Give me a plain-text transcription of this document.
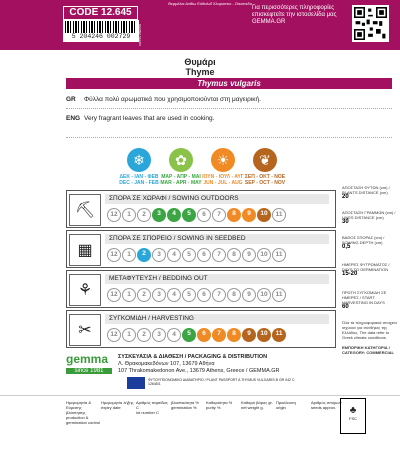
Θερμέλια Ανθίω Εύθαλοΐ Χλοροστιο - Οικοπεδο
CODE 12.645
5 204246 002729	GEMMA SEEDS
Για περισσότερες πληροφορίες επισκεφτείτε την ιστοσελίδα μας GEMMA.GR
Θυμάρι
Thyme
Thymus vulgaris
GR Φύλλα πολύ αρωματικά που χρησιμοποιούνται στη μαγειρική.
ENG Very fragrant leaves that are used in cooking.
❄
ΔΕΚ - ΙΑΝ - ΦΕΒ
DEC - JAN - FEB
✿
ΜΑΡ - ΑΠΡ - ΜΑΙ
MAR - APR - MAY
☀
ΙΟΥΝ - ΙΟΥΛ - ΑΥΓ
JUN - JUL - AUG
❦
ΣΕΠ - ΟΚΤ - ΝΟΕ
SEP - OCT - NOV
⛏
ΣΠΟΡΑ ΣΕ ΧΩΡΑΦΙ / SOWING OUTDOORS
12	1	2	3	4	5	6	7	8	9	10	11
▦
ΣΠΟΡΑ ΣΕ ΣΠΟΡΕΙΟ / SOWING IN SEEDBED
12	1	2	3	4	5	6	7	8	9	10	11
⚘
ΜΕΤΑΦΥΤΕΥΣΗ / BEDDING OUT
12	1	2	3	4	5	6	7	8	9	10	11
✂
ΣΥΓΚΟΜΙΔΗ / HARVESTING
12	1	2	3	4	5	6	7	8	9	10	11
ΑΠΟΣΤΑΣΗ ΦΥΤΩΝ (cm) / PLANTS DISTANCE (cm)
20
ΑΠΟΣΤΑΣΗ ΓΡΑΜΜΩΝ (cm) / LINES DISTANCE (cm)
30
ΒΑΘΟΣ ΣΠΟΡΑΣ (cm) / SOWING DEPTH (cm)
0,5
ΗΜΕΡΕΣ ΦΥΤΡΩΜΑΤΟΣ / DAYS TO GERMINATION
15-20
ΠΡΩΤΗ ΣΥΓΚΟΜΙΔΗ ΣΕ ΗΜΕΡΕΣ / START HARVESTING IN DAYS
60
Όλα τα πληροφοριακά στοιχεία ισχύουν για συνθήκες της Ελλάδας. The data refer to Greek climate conditions.
ΕΜΠΟΡΙΚΗ ΚΑΤΗΓΟΡΙΑ / CATEGORY: COMMERCIAL
gemma
since 1981
ΣΥΣΚΕΥΑΣΙΑ & ΔΙΑΘΕΣΗ / PACKAGING & DISTRIBUTION
Λ. Θρακομακεδόνων 107, 13679 Αθήνα
107 Thrakomakedonon Ave., 13679 Athens, Greece / GEMMA.GR
ΦΥΤΟΥΓΕΙΟΝΟΜΙΚΟ ΔΙΑΒΑΤΗΡΙΟ / PLANT PASSPORT A THYMUS VULGARIS B GR 042 C 12645/1
Ημερομηνία & Εύρεσης βλάστησης
production & germination control
Ημερομηνία λήξης
expiry date
Αριθμός παρτίδας C
lot number C
βλαστικότητα %
germination %
Καθαρότητα %
purity %
Καθαρό βάρος gr.
net weight g.
Προέλευση
origin
Αριθμός σπόρων
seeds approx.	♣
FSC
